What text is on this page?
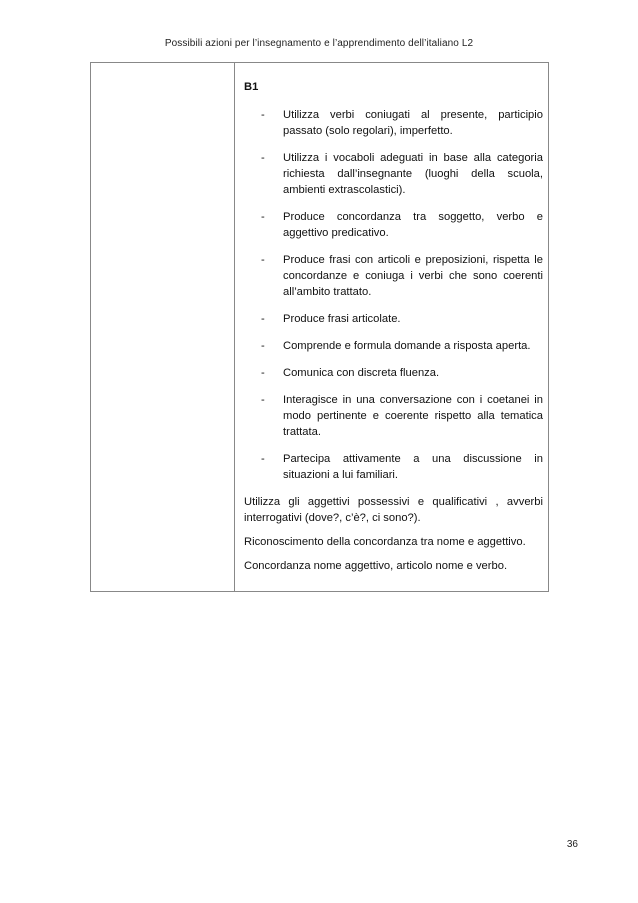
Possibili azioni per l’insegnamento e l’apprendimento dell’italiano L2
B1
- Utilizza verbi coniugati al presente, participio passato (solo regolari), imperfetto.
- Utilizza i vocaboli adeguati in base alla categoria richiesta dall’insegnante (luoghi della scuola, ambienti extrascolastici).
- Produce concordanza tra soggetto, verbo e aggettivo predicativo.
- Produce frasi con articoli e preposizioni, rispetta le concordanze e coniuga i verbi che sono coerenti all’ambito trattato.
- Produce frasi articolate.
- Comprende e formula domande a risposta aperta.
- Comunica con discreta fluenza.
- Interagisce in una conversazione con i coetanei in modo pertinente e coerente rispetto alla tematica trattata.
- Partecipa attivamente a una discussione in situazioni a lui familiari.

Utilizza gli aggettivi possessivi e qualificativi , avverbi interrogativi (dove?, c’è?, ci sono?).

Riconoscimento della concordanza tra nome e aggettivo.

Concordanza nome aggettivo, articolo nome e verbo.

36
